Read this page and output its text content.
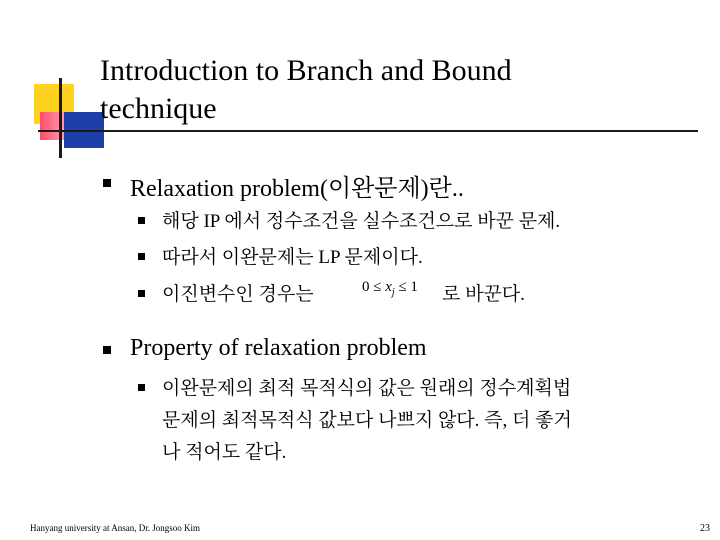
Introduction to Branch and Bound
technique
Relaxation problem(이완문제)란..
해당 IP 에서 정수조건을 실수조건으로 바꾼 문제.
따라서 이완문제는 LP 문제이다.
이진변수인 경우는	$0 \le x_j \le 1$ 로 바꾼다.
Property of relaxation problem
이완문제의 최적 목적식의 값은 원래의 정수계획법
문제의 최적목적식 값보다 나쁘지 않다. 즉, 더 좋거
나 적어도 같다.
Hanyang university at Ansan, Dr. Jongsoo Kim	23
